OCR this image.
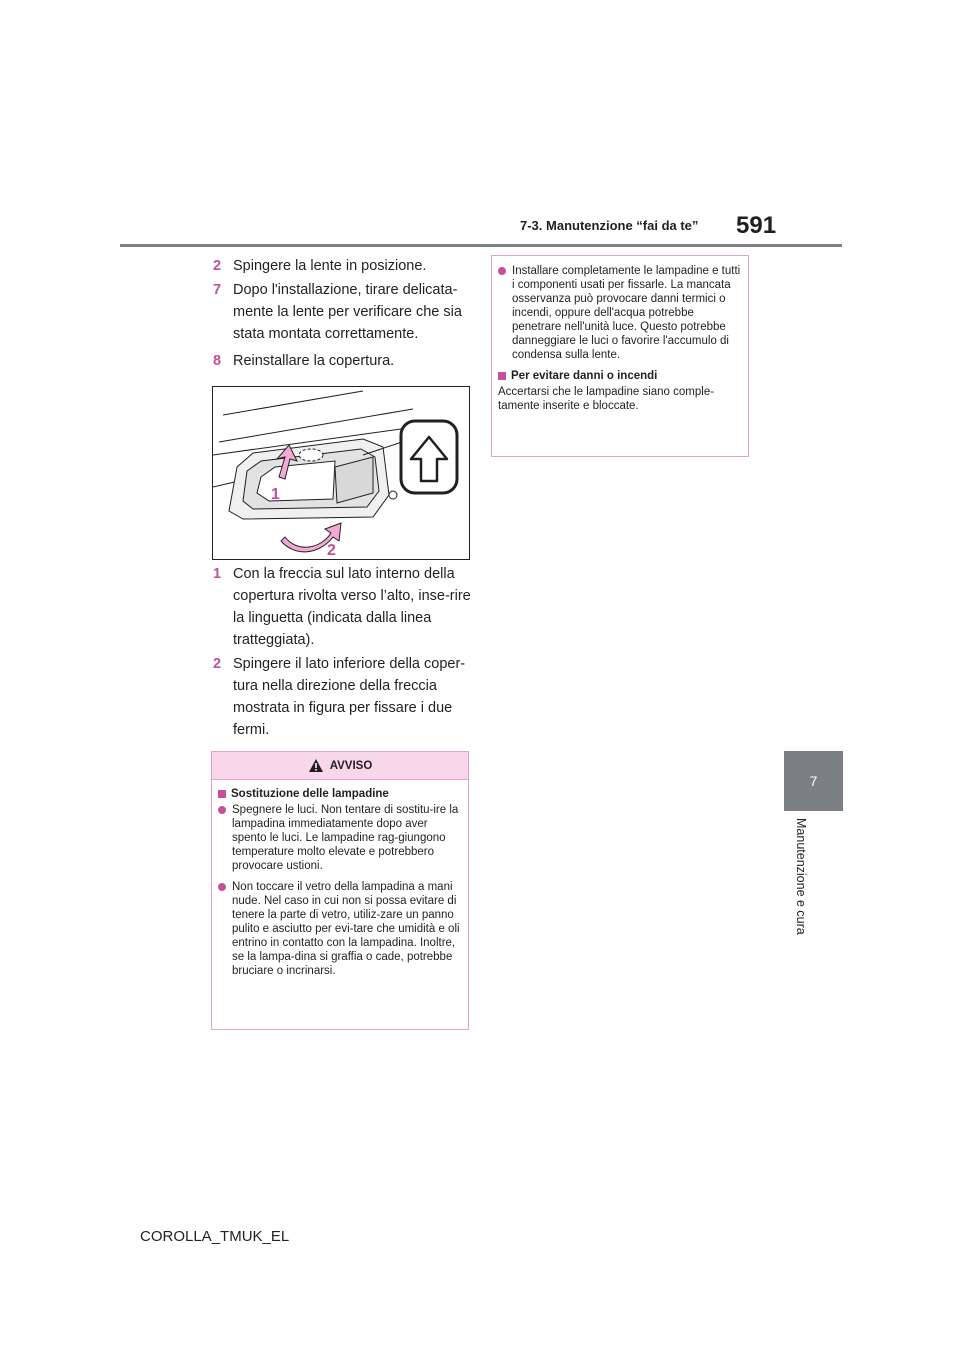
7-3. Manutenzione “fai da te” 591
7
Manutenzione e cura
2 Spingere la lente in posizione.
7 Dopo l'installazione, tirare delicata-mente la lente per verificare che sia stata montata correttamente.
8 Reinstallare la copertura.
1
2
1 Con la freccia sul lato interno della copertura rivolta verso l’alto, inse-rire la linguetta (indicata dalla linea tratteggiata).
2 Spingere il lato inferiore della coper-tura nella direzione della freccia mostrata in figura per fissare i due fermi.
AVVISO
Sostituzione delle lampadine
Spegnere le luci. Non tentare di sostitu-ire la lampadina immediatamente dopo aver spento le luci. Le lampadine rag-giungono temperature molto elevate e potrebbero provocare ustioni.
Non toccare il vetro della lampadina a mani nude. Nel caso in cui non si possa evitare di tenere la parte di vetro, utiliz-zare un panno pulito e asciutto per evi-tare che umidità e oli entrino in contatto con la lampadina. Inoltre, se la lampa-dina si graffia o cade, potrebbe bruciare o incrinarsi.
Installare completamente le lampadine e tutti i componenti usati per fissarle. La mancata osservanza può provocare danni termici o incendi, oppure dell'acqua potrebbe penetrare nell'unità luce. Questo potrebbe danneggiare le luci o favorire l'accumulo di condensa sulla lente.
Per evitare danni o incendi
Accertarsi che le lampadine siano comple-tamente inserite e bloccate.
COROLLA_TMUK_EL
